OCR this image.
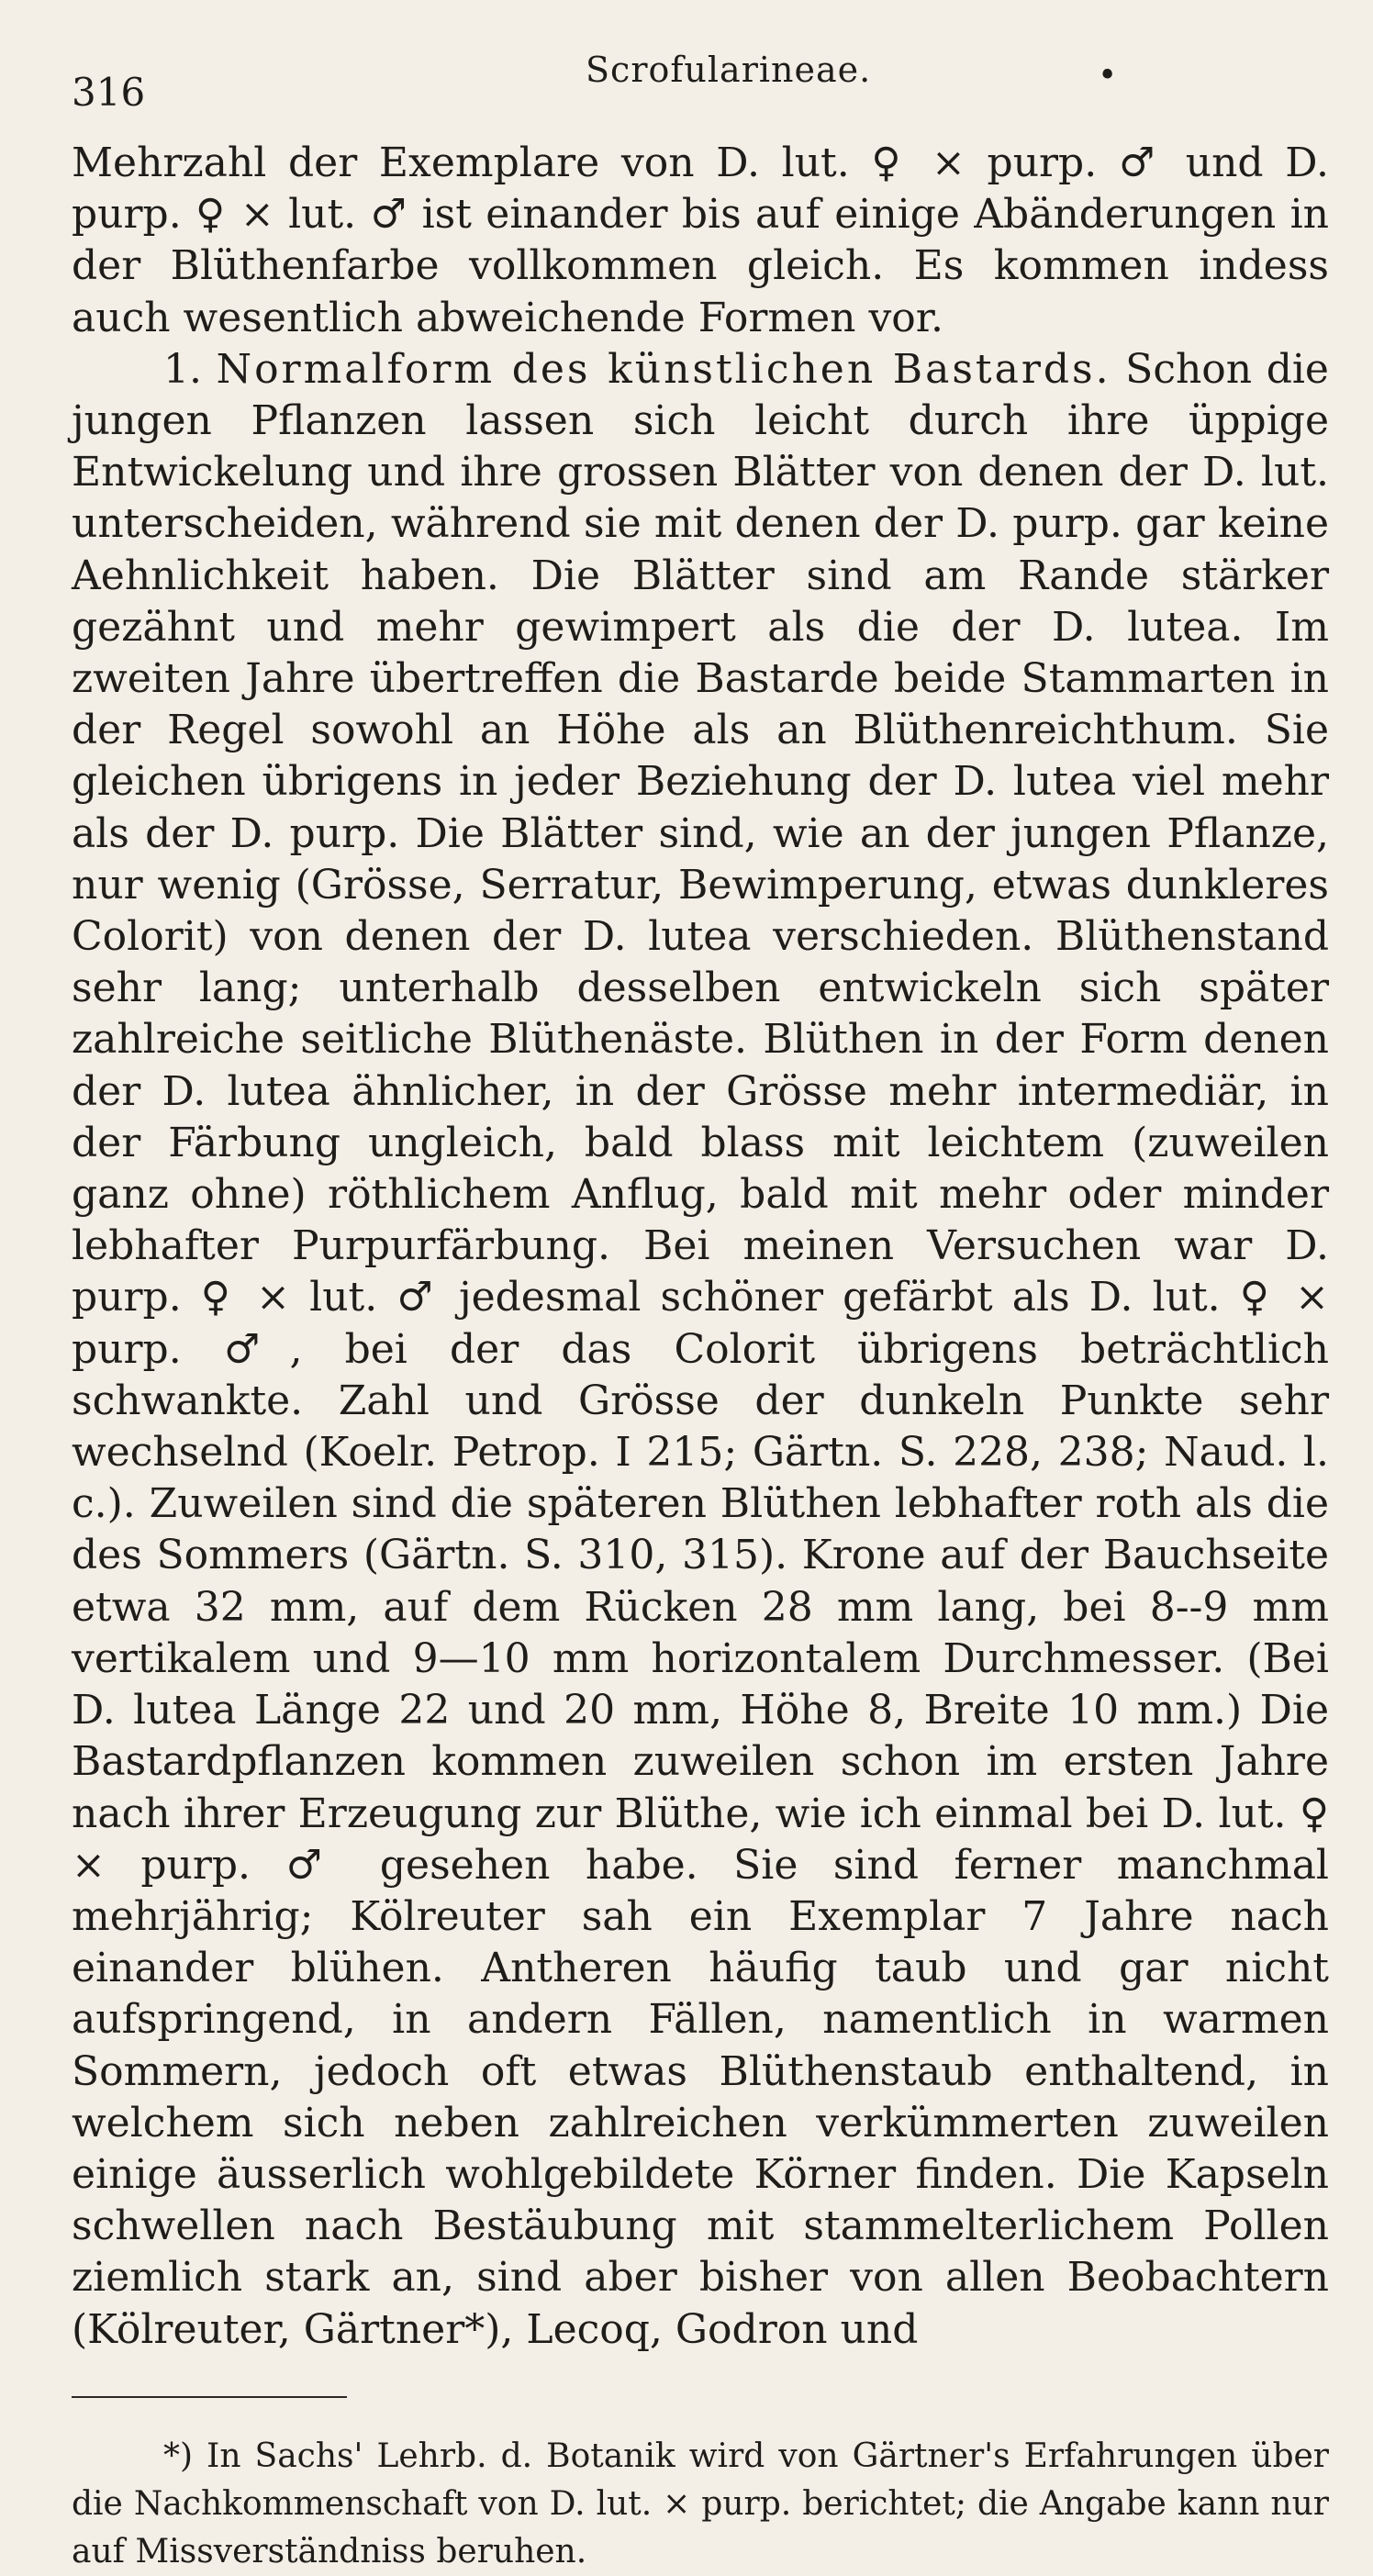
316	Scrofularineae.	•

Mehrzahl der Exemplare von D. lut. ♀ × purp. ♂ und D. purp. ♀ × lut. ♂ ist einander bis auf einige Abänderungen in der Blüthenfarbe vollkommen gleich. Es kommen indess auch wesentlich abweichende Formen vor.

1. Normalform des künstlichen Bastards. Schon die jungen Pflanzen lassen sich leicht durch ihre üppige Entwickelung und ihre grossen Blätter von denen der D. lut. unterscheiden, während sie mit denen der D. purp. gar keine Aehnlichkeit haben. Die Blätter sind am Rande stärker gezähnt und mehr gewimpert als die der D. lutea. Im zweiten Jahre übertreffen die Bastarde beide Stammarten in der Regel sowohl an Höhe als an Blüthenreichthum. Sie gleichen übrigens in jeder Beziehung der D. lutea viel mehr als der D. purp. Die Blätter sind, wie an der jungen Pflanze, nur wenig (Grösse, Serratur, Bewimperung, etwas dunkleres Colorit) von denen der D. lutea verschieden. Blüthenstand sehr lang; unterhalb desselben entwickeln sich später zahlreiche seitliche Blüthenäste. Blüthen in der Form denen der D. lutea ähnlicher, in der Grösse mehr intermediär, in der Färbung ungleich, bald blass mit leichtem (zuweilen ganz ohne) röthlichem Anflug, bald mit mehr oder minder lebhafter Purpurfärbung. Bei meinen Versuchen war D. purp. ♀ × lut. ♂ jedesmal schöner gefärbt als D. lut. ♀ × purp. ♂, bei der das Colorit übrigens beträchtlich schwankte. Zahl und Grösse der dunkeln Punkte sehr wechselnd (Koelr. Petrop. I 215; Gärtn. S. 228, 238; Naud. l. c.). Zuweilen sind die späteren Blüthen lebhafter roth als die des Sommers (Gärtn. S. 310, 315). Krone auf der Bauchseite etwa 32 mm, auf dem Rücken 28 mm lang, bei 8--9 mm vertikalem und 9—10 mm horizontalem Durchmesser. (Bei D. lutea Länge 22 und 20 mm, Höhe 8, Breite 10 mm.) Die Bastardpflanzen kommen zuweilen schon im ersten Jahre nach ihrer Erzeugung zur Blüthe, wie ich einmal bei D. lut. ♀ × purp. ♂ gesehen habe. Sie sind ferner manchmal mehrjährig; Kölreuter sah ein Exemplar 7 Jahre nach einander blühen. Antheren häufig taub und gar nicht aufspringend, in andern Fällen, namentlich in warmen Sommern, jedoch oft etwas Blüthenstaub enthaltend, in welchem sich neben zahlreichen verkümmerten zuweilen einige äusserlich wohlgebildete Körner finden. Die Kapseln schwellen nach Bestäubung mit stammelterlichem Pollen ziemlich stark an, sind aber bisher von allen Beobachtern (Kölreuter, Gärtner*), Lecoq, Godron und

*) In Sachs' Lehrb. d. Botanik wird von Gärtner's Erfahrungen über die Nachkommenschaft von D. lut. × purp. berichtet; die Angabe kann nur auf Missverständniss beruhen.
